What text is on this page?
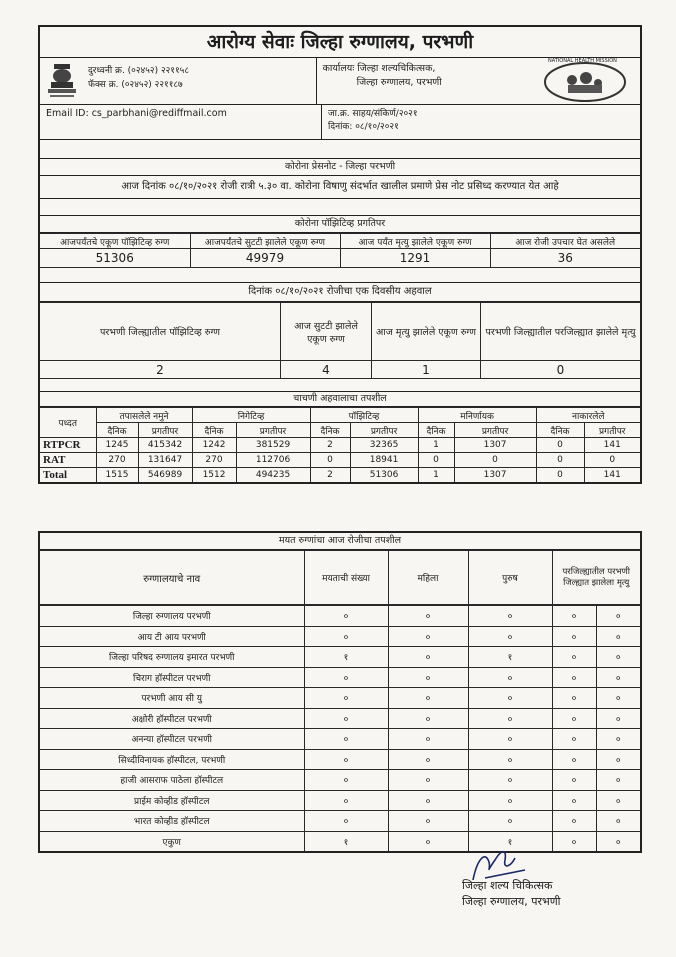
आरोग्य सेवाः जिल्हा रुग्णालय, परभणी
दुरध्वनी क्र. (०२४५२) २२११५८
फॅक्स क्र. (०२४५२) २२११८७
कार्यालयः जिल्हा शल्यचिकित्सक,
जिल्हा रुग्णालय, परभणी
NATIONAL HEALTH MISSION
Email ID: cs_parbhani@rediffmail.com	जा.क्र. साहय/संकिर्ण/२०२१
दिनांक: ०८/१०/२०२१
कोरोना प्रेसनोट - जिल्हा परभणी
आज दिनांक ०८/१०/२०२१ रोजी रात्री ५.३० वा. कोरोना विषाणु संदर्भात खालील प्रमाणे प्रेस नोट प्रसिध्द करण्यात येत आहे
कोरोना पॉझिटिव्ह प्रगतिपर
आजपर्यंतचे एकूण पॉझिटिव्ह रुग्ण	आजपर्यंतचे सुटटी झालेले एकूण रुग्ण	आज पर्यंत मृत्यु झालेले एकूण रुग्ण	आज रोजी उपचार घेत असलेले
51306	49979	1291	36
दिनांक ०८/१०/२०२१ रोजीचा एक दिवसीय अहवाल
परभणी जिल्ह्यातील पॉझिटिव्ह रुग्ण	आज सुटटी झालेले एकूण रुग्ण	आज मृत्यु झालेले एकूण रुग्ण	परभणी जिल्ह्यातील परजिल्ह्यात झालेले मृत्यु
2	4	1	0
चाचणी अहवालाचा तपशील
पध्दत	तपासलेले नमुने		निगेटिव्ह		पॉझिटिव्ह		मनिर्णायक		नाकारलेले	
	दैनिक	प्रगतीपर	दैनिक	प्रगतीपर	दैनिक	प्रगतीपर	दैनिक	प्रगतीपर	दैनिक	प्रगतीपर
RTPCR	1245	415342	1242	381529	2	32365	1	1307	0	141
RAT	270	131647	270	112706	0	18941	0	0	0	0
Total	1515	546989	1512	494235	2	51306	1	1307	0	141
मयत रुग्णांचा आज रोजीचा तपशील
रुग्णालयाचे नाव	मयताची संख्या	महिला	पुरुष	परजिल्ह्यातील परभणी जिल्ह्यात झालेला मृत्यु
जिल्हा रुग्णालय परभणी	०	०	०	०	०
आय टी आय परभणी	०	०	०	०	०
जिल्हा परिषद रुग्णालय इमारत परभणी	१	०	१	०	०
चिराग हॉस्पीटल परभणी	०	०	०	०	०
परभणी आय सी यु	०	०	०	०	०
अक्षोरी हॉस्पीटल परभणी	०	०	०	०	०
अनन्या हॉस्पीटल परभणी	०	०	०	०	०
सिध्दीविनायक हॉस्पीटल, परभणी	०	०	०	०	०
हाजी आसराफ पाठेला हॉस्पीटल	०	०	०	०	०
प्राईम कोव्हीड हॉस्पीटल	०	०	०	०	०
भारत कोव्हीड हॉस्पीटल	०	०	०	०	०
एकुण	१	०	१	०	०
जिल्हा शल्य चिकित्सक
जिल्हा रुग्णालय, परभणी
